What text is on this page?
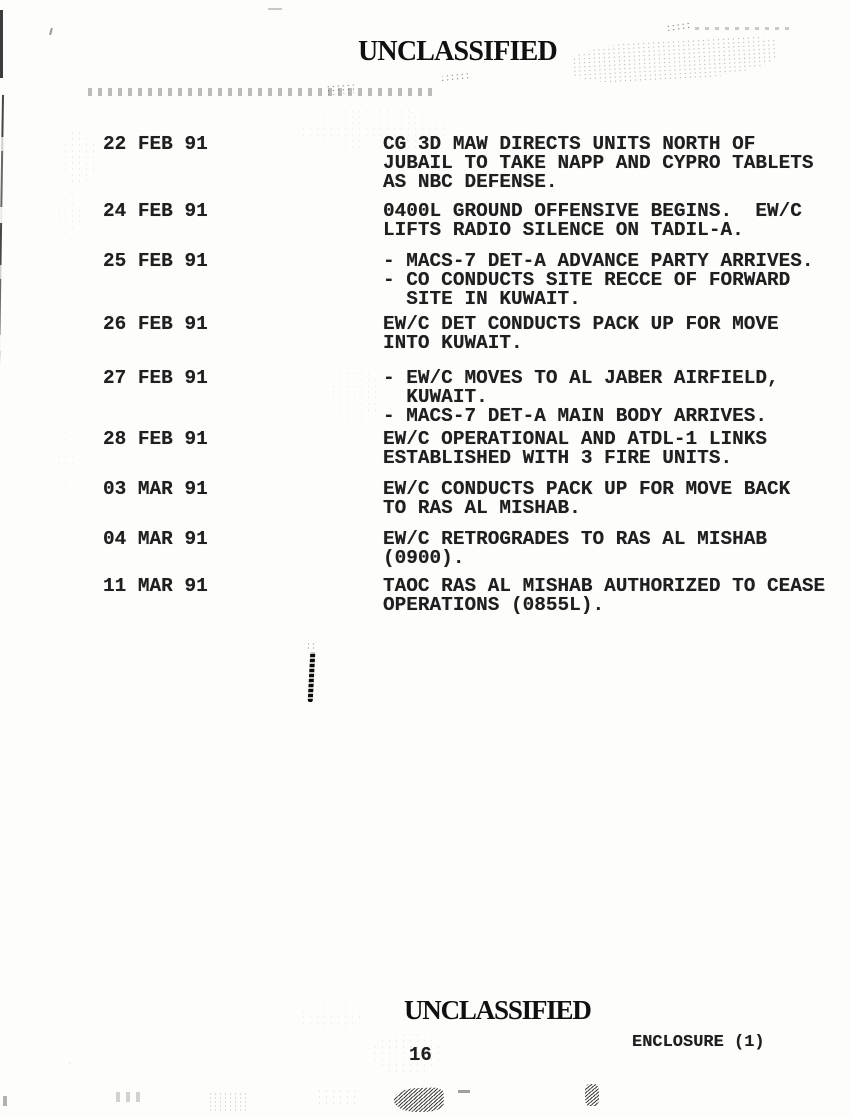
UNCLASSIFIED
22 FEB 91	CG 3D MAW DIRECTS UNITS NORTH OF
JUBAIL TO TAKE NAPP AND CYPRO TABLETS
AS NBC DEFENSE.
24 FEB 91	0400L GROUND OFFENSIVE BEGINS.  EW/C
LIFTS RADIO SILENCE ON TADIL-A.
25 FEB 91	- MACS-7 DET-A ADVANCE PARTY ARRIVES.
- CO CONDUCTS SITE RECCE OF FORWARD
SITE IN KUWAIT.
26 FEB 91	EW/C DET CONDUCTS PACK UP FOR MOVE
INTO KUWAIT.
27 FEB 91	- EW/C MOVES TO AL JABER AIRFIELD,
KUWAIT.
- MACS-7 DET-A MAIN BODY ARRIVES.
28 FEB 91	EW/C OPERATIONAL AND ATDL-1 LINKS
ESTABLISHED WITH 3 FIRE UNITS.
03 MAR 91	EW/C CONDUCTS PACK UP FOR MOVE BACK
TO RAS AL MISHAB.
04 MAR 91	EW/C RETROGRADES TO RAS AL MISHAB
(0900).
11 MAR 91	TAOC RAS AL MISHAB AUTHORIZED TO CEASE
OPERATIONS (0855L).
UNCLASSIFIED
ENCLOSURE (1)
16
